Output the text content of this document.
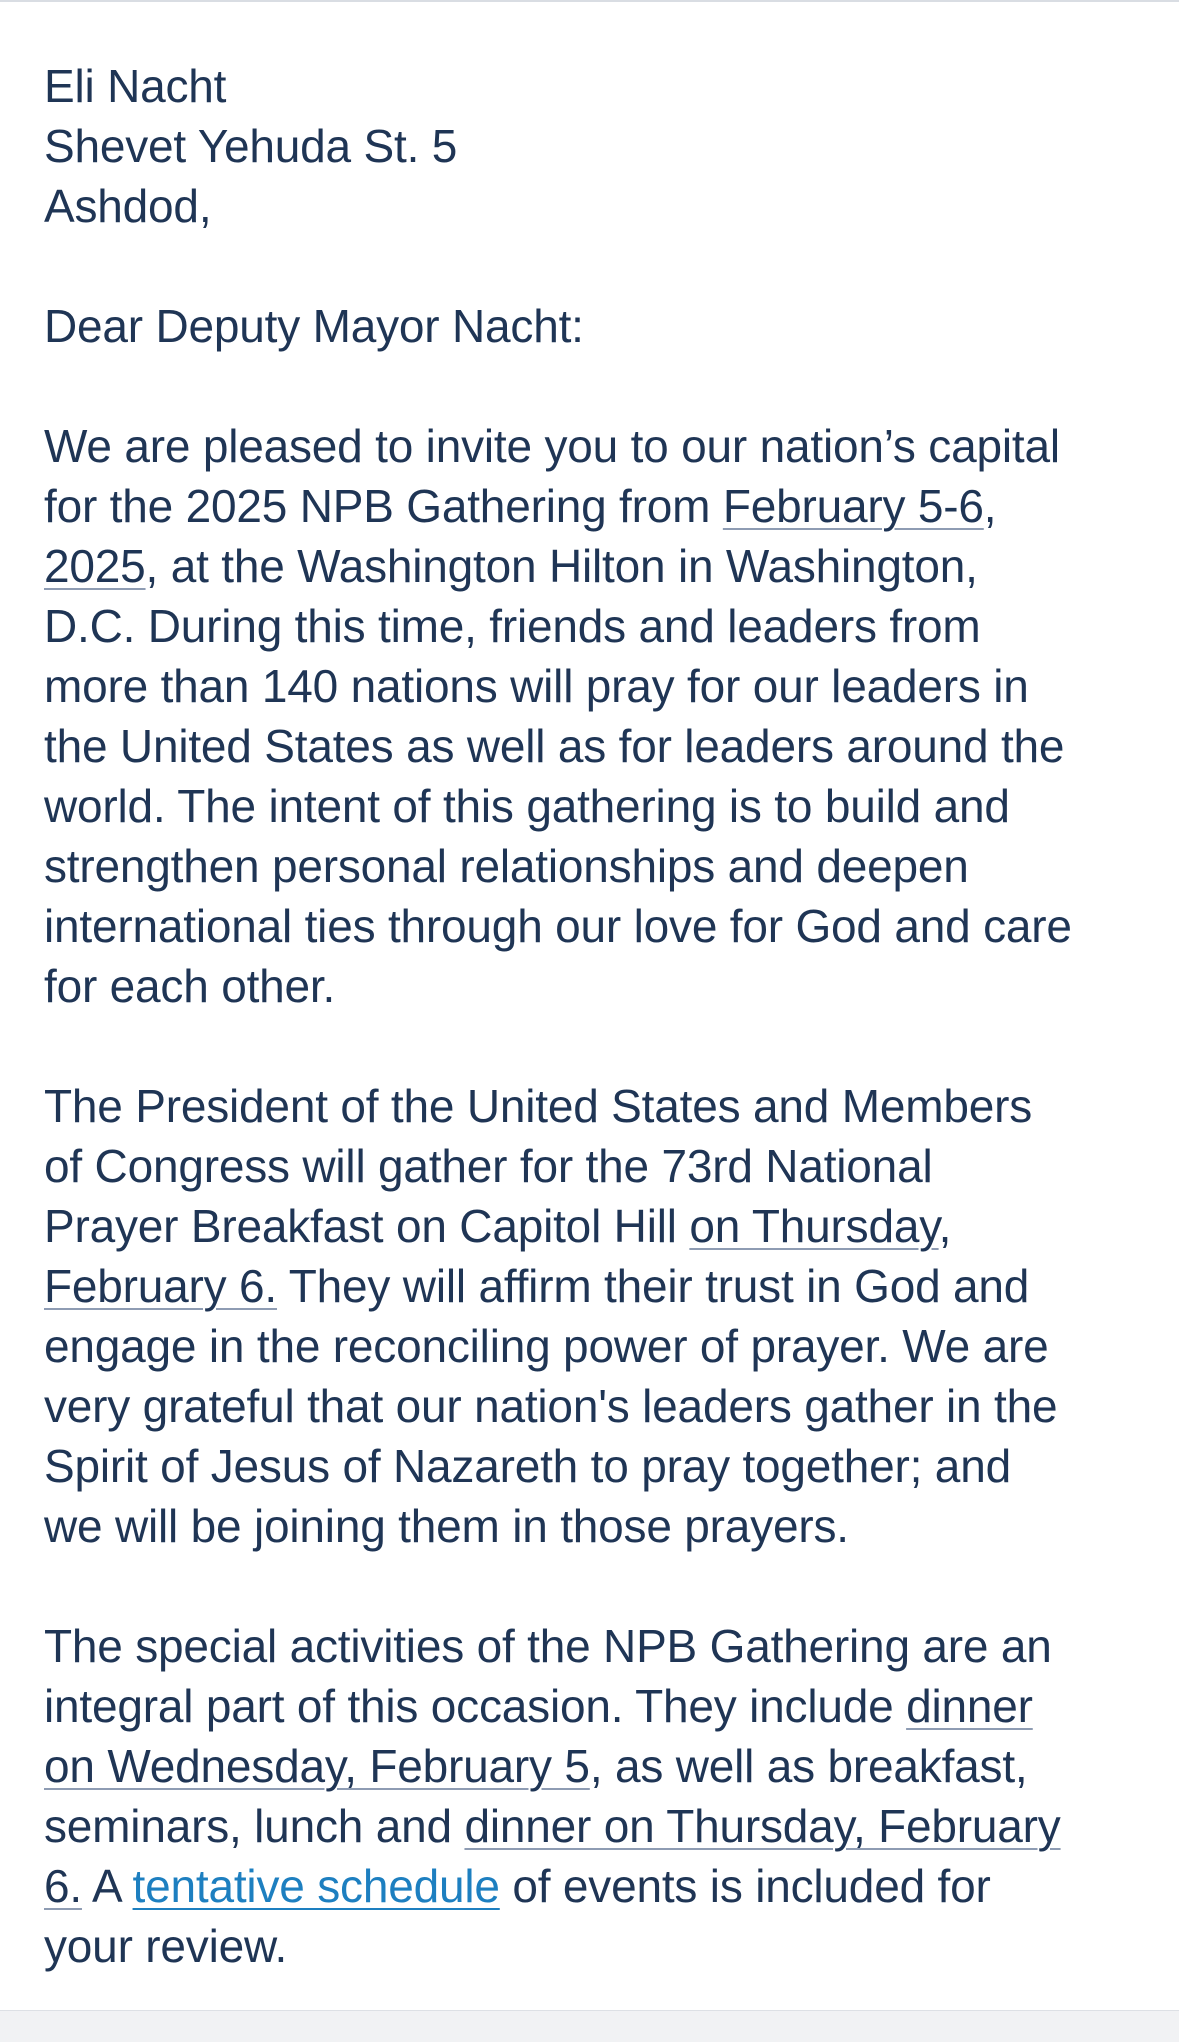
Eli Nacht
Shevet Yehuda St. 5
Ashdod,
Dear Deputy Mayor Nacht:
We are pleased to invite you to our nation’s capital
for the 2025 NPB Gathering from February 5-6,
2025, at the Washington Hilton in Washington,
D.C. During this time, friends and leaders from
more than 140 nations will pray for our leaders in
the United States as well as for leaders around the
world. The intent of this gathering is to build and
strengthen personal relationships and deepen
international ties through our love for God and care
for each other.
The President of the United States and Members
of Congress will gather for the 73rd National
Prayer Breakfast on Capitol Hill on Thursday,
February 6. They will affirm their trust in God and
engage in the reconciling power of prayer. We are
very grateful that our nation's leaders gather in the
Spirit of Jesus of Nazareth to pray together; and
we will be joining them in those prayers.
The special activities of the NPB Gathering are an
integral part of this occasion. They include dinner
on Wednesday, February 5, as well as breakfast,
seminars, lunch and dinner on Thursday, February
6. A tentative schedule of events is included for
your review.
